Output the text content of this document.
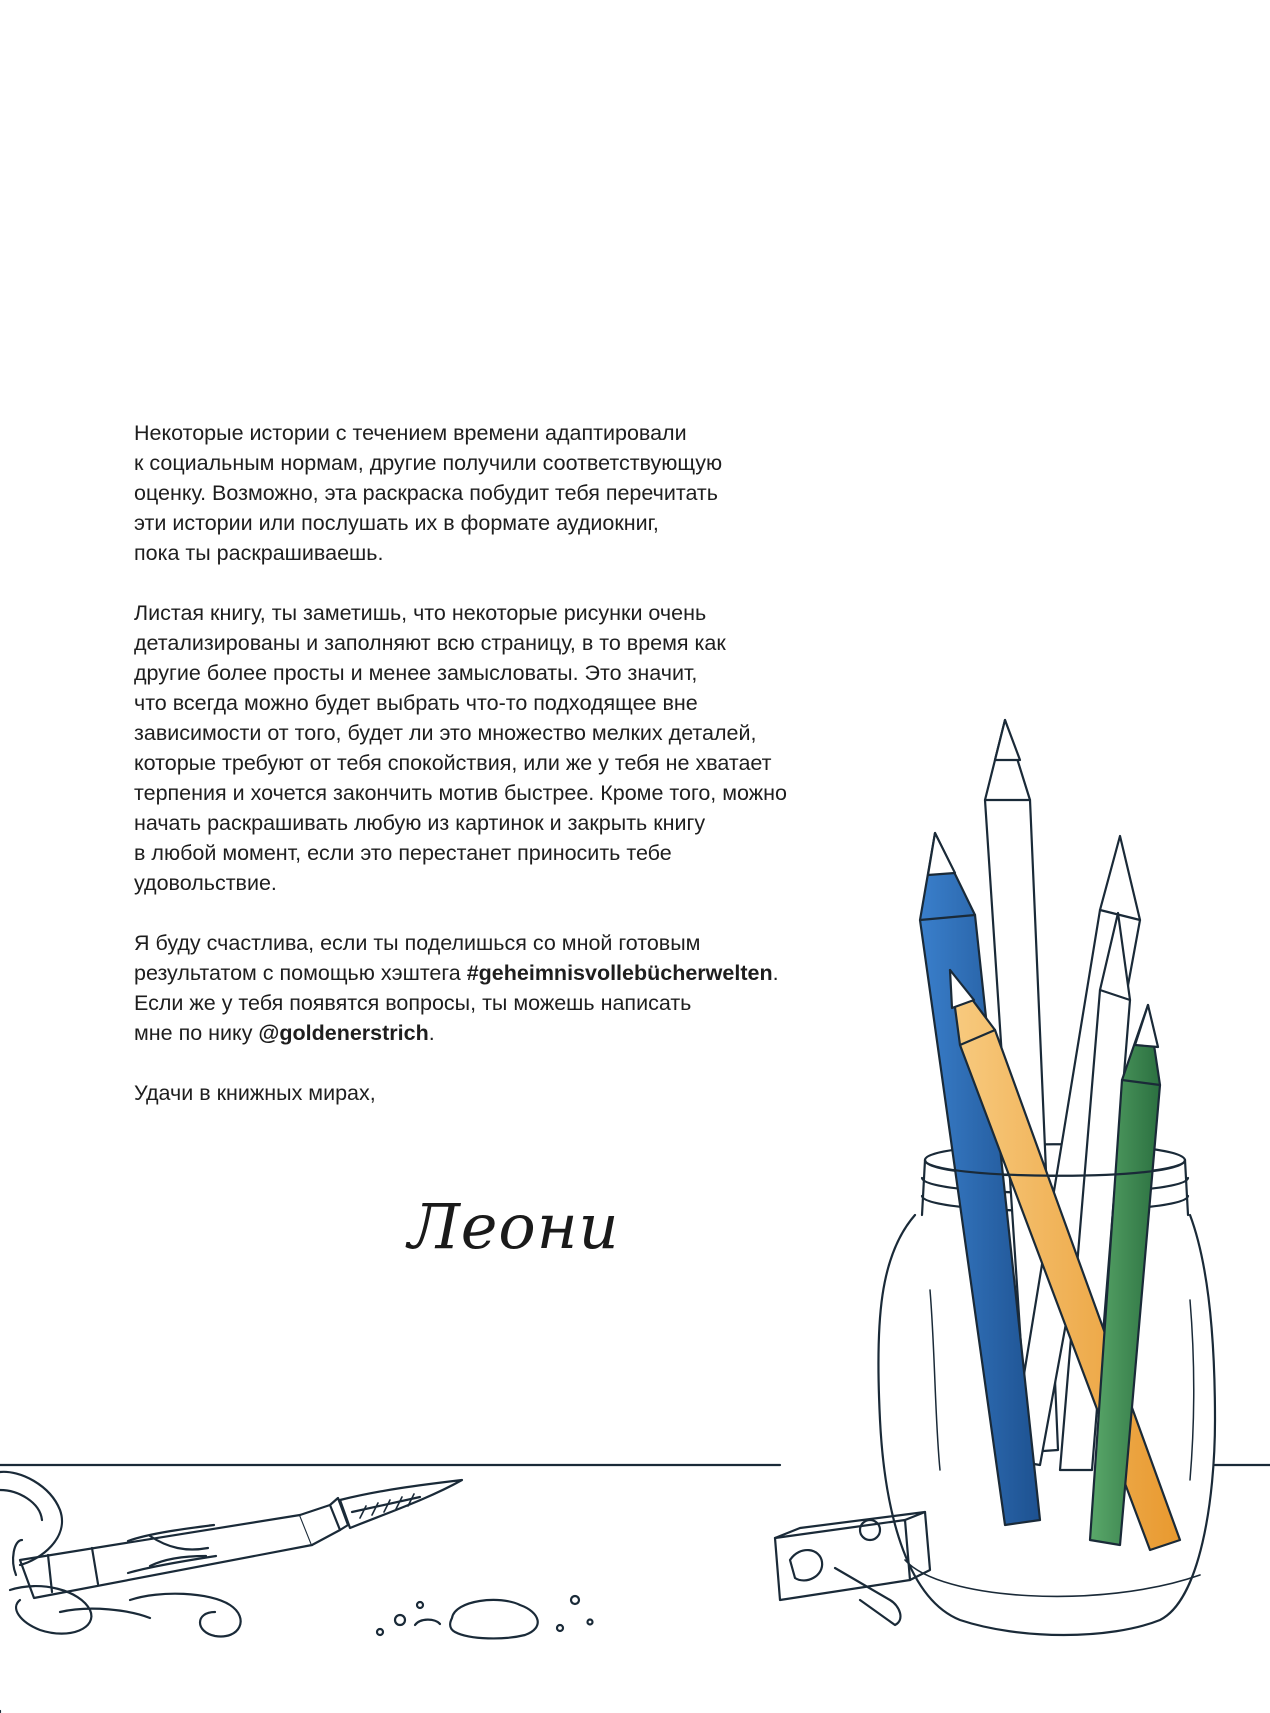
Некоторые истории с течением времени адаптировали
к социальным нормам, другие получили соответствующую
оценку. Возможно, эта раскраска побудит тебя перечитать
эти истории или послушать их в формате аудиокниг,
пока ты раскрашиваешь.

Листая книгу, ты заметишь, что некоторые рисунки очень
детализированы и заполняют всю страницу, в то время как
другие более просты и менее замысловаты. Это значит,
что всегда можно будет выбрать что-то подходящее вне
зависимости от того, будет ли это множество мелких деталей,
которые требуют от тебя спокойствия, или же у тебя не хватает
терпения и хочется закончить мотив быстрее. Кроме того, можно
начать раскрашивать любую из картинок и закрыть книгу
в любой момент, если это перестанет приносить тебе
удовольствие.

Я буду счастлива, если ты поделишься со мной готовым
результатом с помощью хэштега #geheimnisvollebücherwelten.
Если же у тебя появятся вопросы, ты можешь написать
мне по нику @goldenerstrich.

Удачи в книжных мирах,

Леони
